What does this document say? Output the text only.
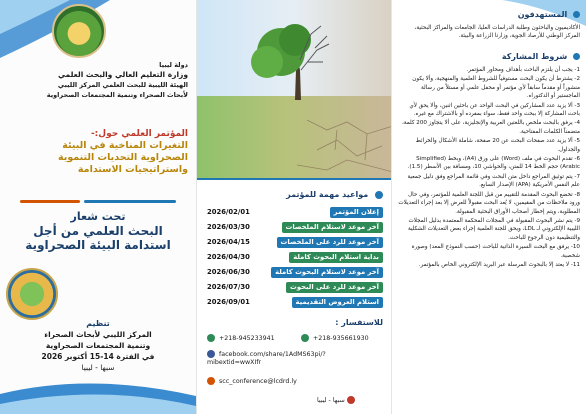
دولة ليبيا
وزارة التعليم العالي والبحث العلمي
الهيئة الليبية للبحث العلمي المركز الليبي
لأبحاث الصحراء وتنمية المجتمعات الصحراوية
المؤتمر العلمي حول:-
التغيرات المناخية في البيئة
الصحراوية التحديات التنموية
واستراتيجيات الاستدامة
تحت شعار
البحث العلمي من أجل
استدامة البيئة الصحراوية
تنظيم
المركز الليبي لأبحاث الصحراء
وتنمية المجتمعات الصحراوية
في الفترة 14-15 أكتوبر 2026
سبها - ليبيا
مواعيد مهمة للمؤتمر
2026/02/01	إعلان المؤتمر
2026/03/30	آخر موعد لاستلام الملخصات
2026/04/15	آخر موعد للرد على الملخصات
2026/04/30	بداية استلام البحوث كاملة
2026/06/30	آخر موعد لاستلام البحوث كاملة
2026/07/30	آخر موعد للرد على البحوث
2026/09/01	استلام العروض التقديمية
للاستفسار :
+218-945233941	+218-935661930
facebook.com/share/1AdMS63pi/?mibextid=wwXIfr
scc_conference@lcdrd.ly
سبها - ليبيا
المستهدفون

الأكاديميون والباحثون وطلبة الدراسات العليا، الجامعات والمراكز البحثية، المركز الوطني للأرصاد الجوية، وزارتا الزراعة والبيئة.

شروط المشاركة

1- يجب أن يلتزم الباحث بأهداف ومحاور المؤتمر.

2- يشترط أن يكون البحث مستوفياً للشروط العلمية والمنهجية، وألا يكون منشوراً أو مقدماً سابقاً لأي مؤتمر أو محفل علمي أو مستلاً من رسالة الماجستير أو الدكتوراه.

3- ألا يزيد عدد المشاركين في البحث الواحد عن باحثين اثنين، وألا يحق لأي باحث المشاركة إلا ببحث واحد فقط، سواء بمفرده أو بالاشتراك مع غيره.

4- يرفق بالبحث ملخص باللغتين العربية والإنجليزية، على ألا يتجاوز 200 كلمة، متضمناً الكلمات المفتاحية.

5- ألا يزيد عدد صفحات البحث عن 20 صفحة، شاملة الأشكال والخرائط والجداول.

6- تقدم البحوث في ملف (Word) على ورق (A4)، وبخط (Simplified Arabic) حجم الخط 14 للمتن، والحواشي 10، ومسافة بين الأسطر (1.5).

7- يتم توثيق المراجع داخل متن البحث وفي قائمة المراجع وفق دليل جمعية علم النفس الأمريكية (APA) الإصدار السابع.

8- تخضع البحوث المقدمة للتقييم من قبل اللجنة العلمية للمؤتمر، وفي حال ورود ملاحظات من المقيمين، لا يُعد البحث مقبولاً للعرض إلا بعد إجراء التعديلات المطلوبة، ويتم إخطار أصحاب الأوراق البحثية المقبولة.

9- يتم نشر البحوث المقبولة في المجلات المحكمة المعتمدة بدليل المجلات الليبية الإلكتروني لـ LDL، ويحق للجنة العلمية إجراء بعض التعديلات الشكلية والتنظيمية دون الرجوع للباحث.

10- يرفق مع البحث السيرة الذاتية للباحث (حسب النموذج المعد) وصورة شخصية.

11- لا يعتد إلا بالبحوث المرسلة عبر البريد الإلكتروني الخاص بالمؤتمر.
